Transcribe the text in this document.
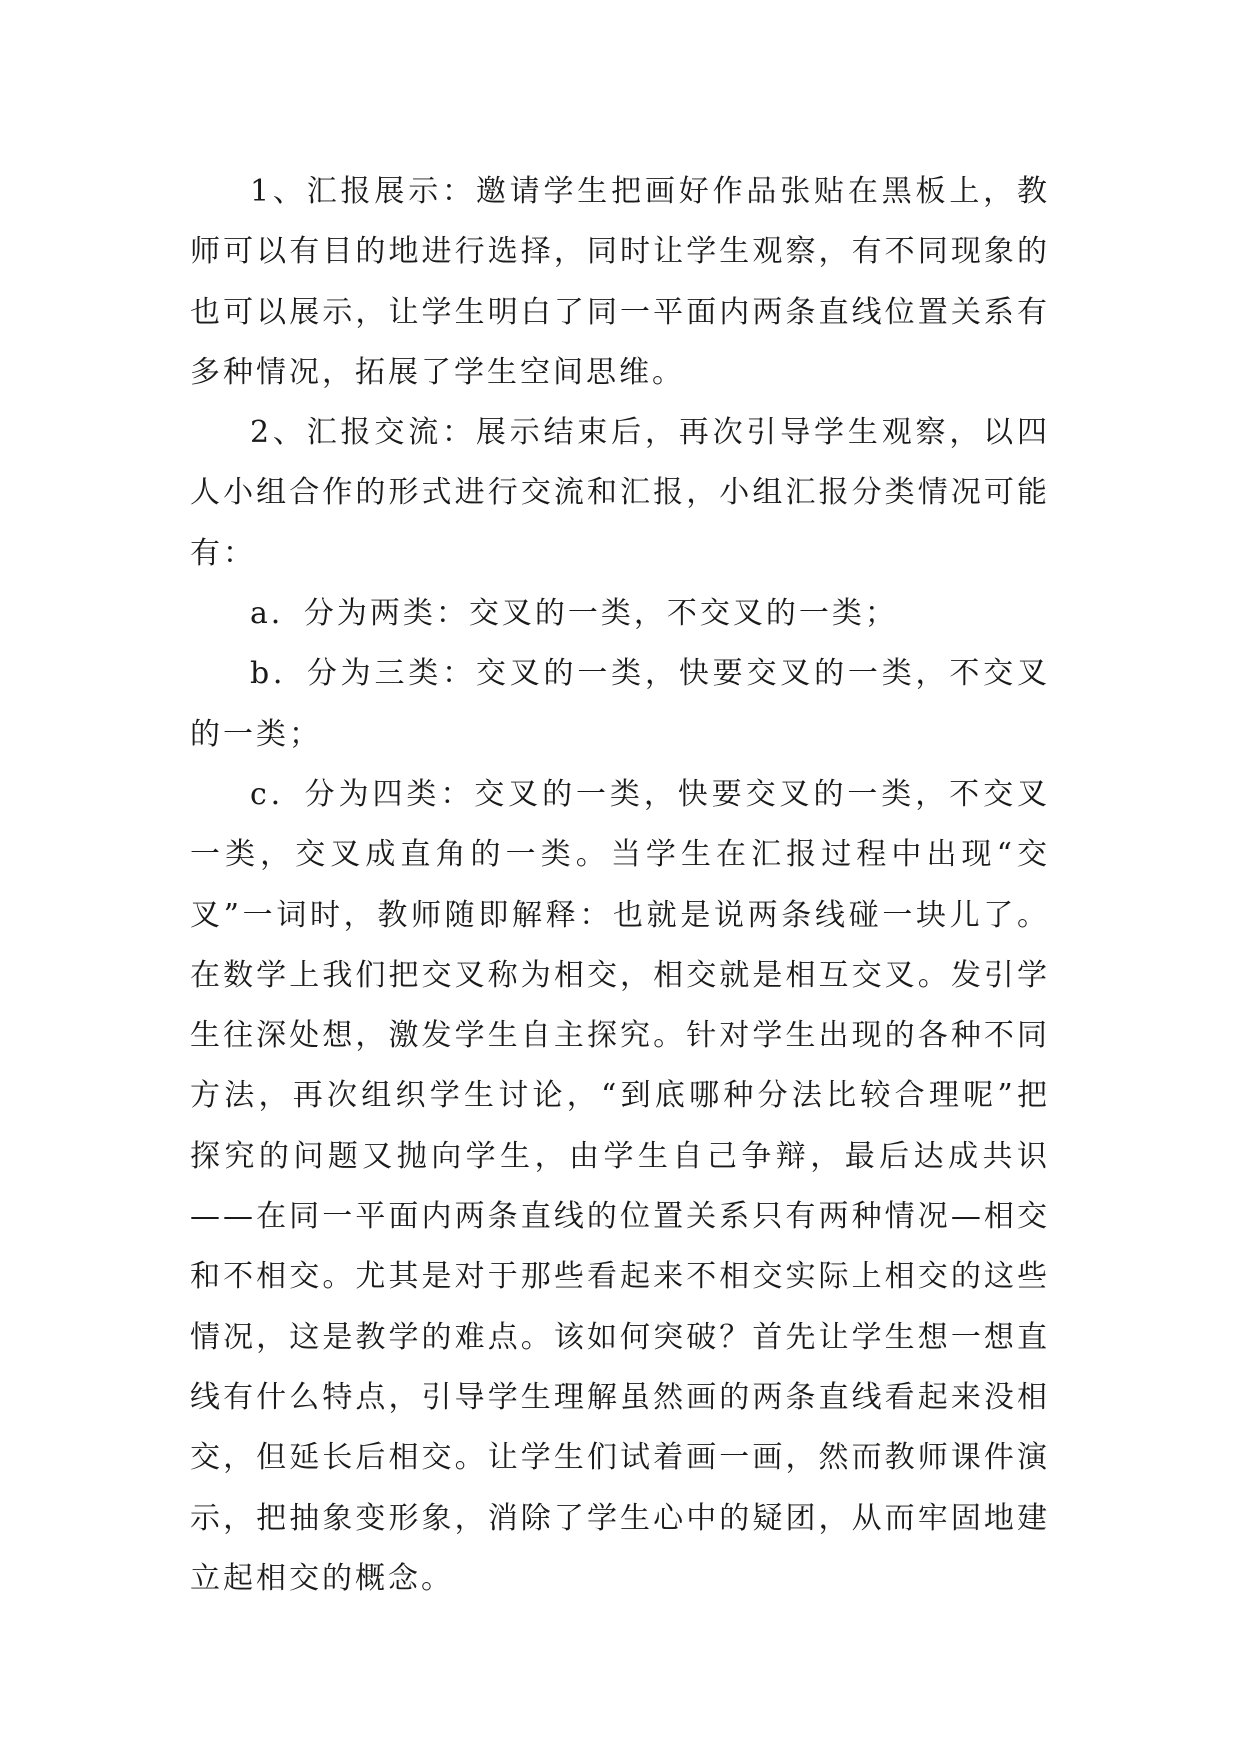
1、汇报展示：邀请学生把画好作品张贴在黑板上，教师可以有目的地进行选择，同时让学生观察，有不同现象的也可以展示，让学生明白了同一平面内两条直线位置关系有多种情况，拓展了学生空间思维。

2、汇报交流：展示结束后，再次引导学生观察，以四人小组合作的形式进行交流和汇报，小组汇报分类情况可能有：

a．分为两类：交叉的一类，不交叉的一类；

b．分为三类：交叉的一类，快要交叉的一类，不交叉的一类；

c．分为四类：交叉的一类，快要交叉的一类，不交叉一类，交叉成直角的一类。当学生在汇报过程中出现“交叉”一词时，教师随即解释：也就是说两条线碰一块儿了。在数学上我们把交叉称为相交，相交就是相互交叉。发引学生往深处想，激发学生自主探究。针对学生出现的各种不同方法，再次组织学生讨论，“到底哪种分法比较合理呢”把探究的问题又抛向学生，由学生自己争辩，最后达成共识——在同一平面内两条直线的位置关系只有两种情况—相交和不相交。尤其是对于那些看起来不相交实际上相交的这些情况，这是教学的难点。该如何突破？首先让学生想一想直线有什么特点，引导学生理解虽然画的两条直线看起来没相交，但延长后相交。让学生们试着画一画，然而教师课件演示，把抽象变形象，消除了学生心中的疑团，从而牢固地建立起相交的概念。
